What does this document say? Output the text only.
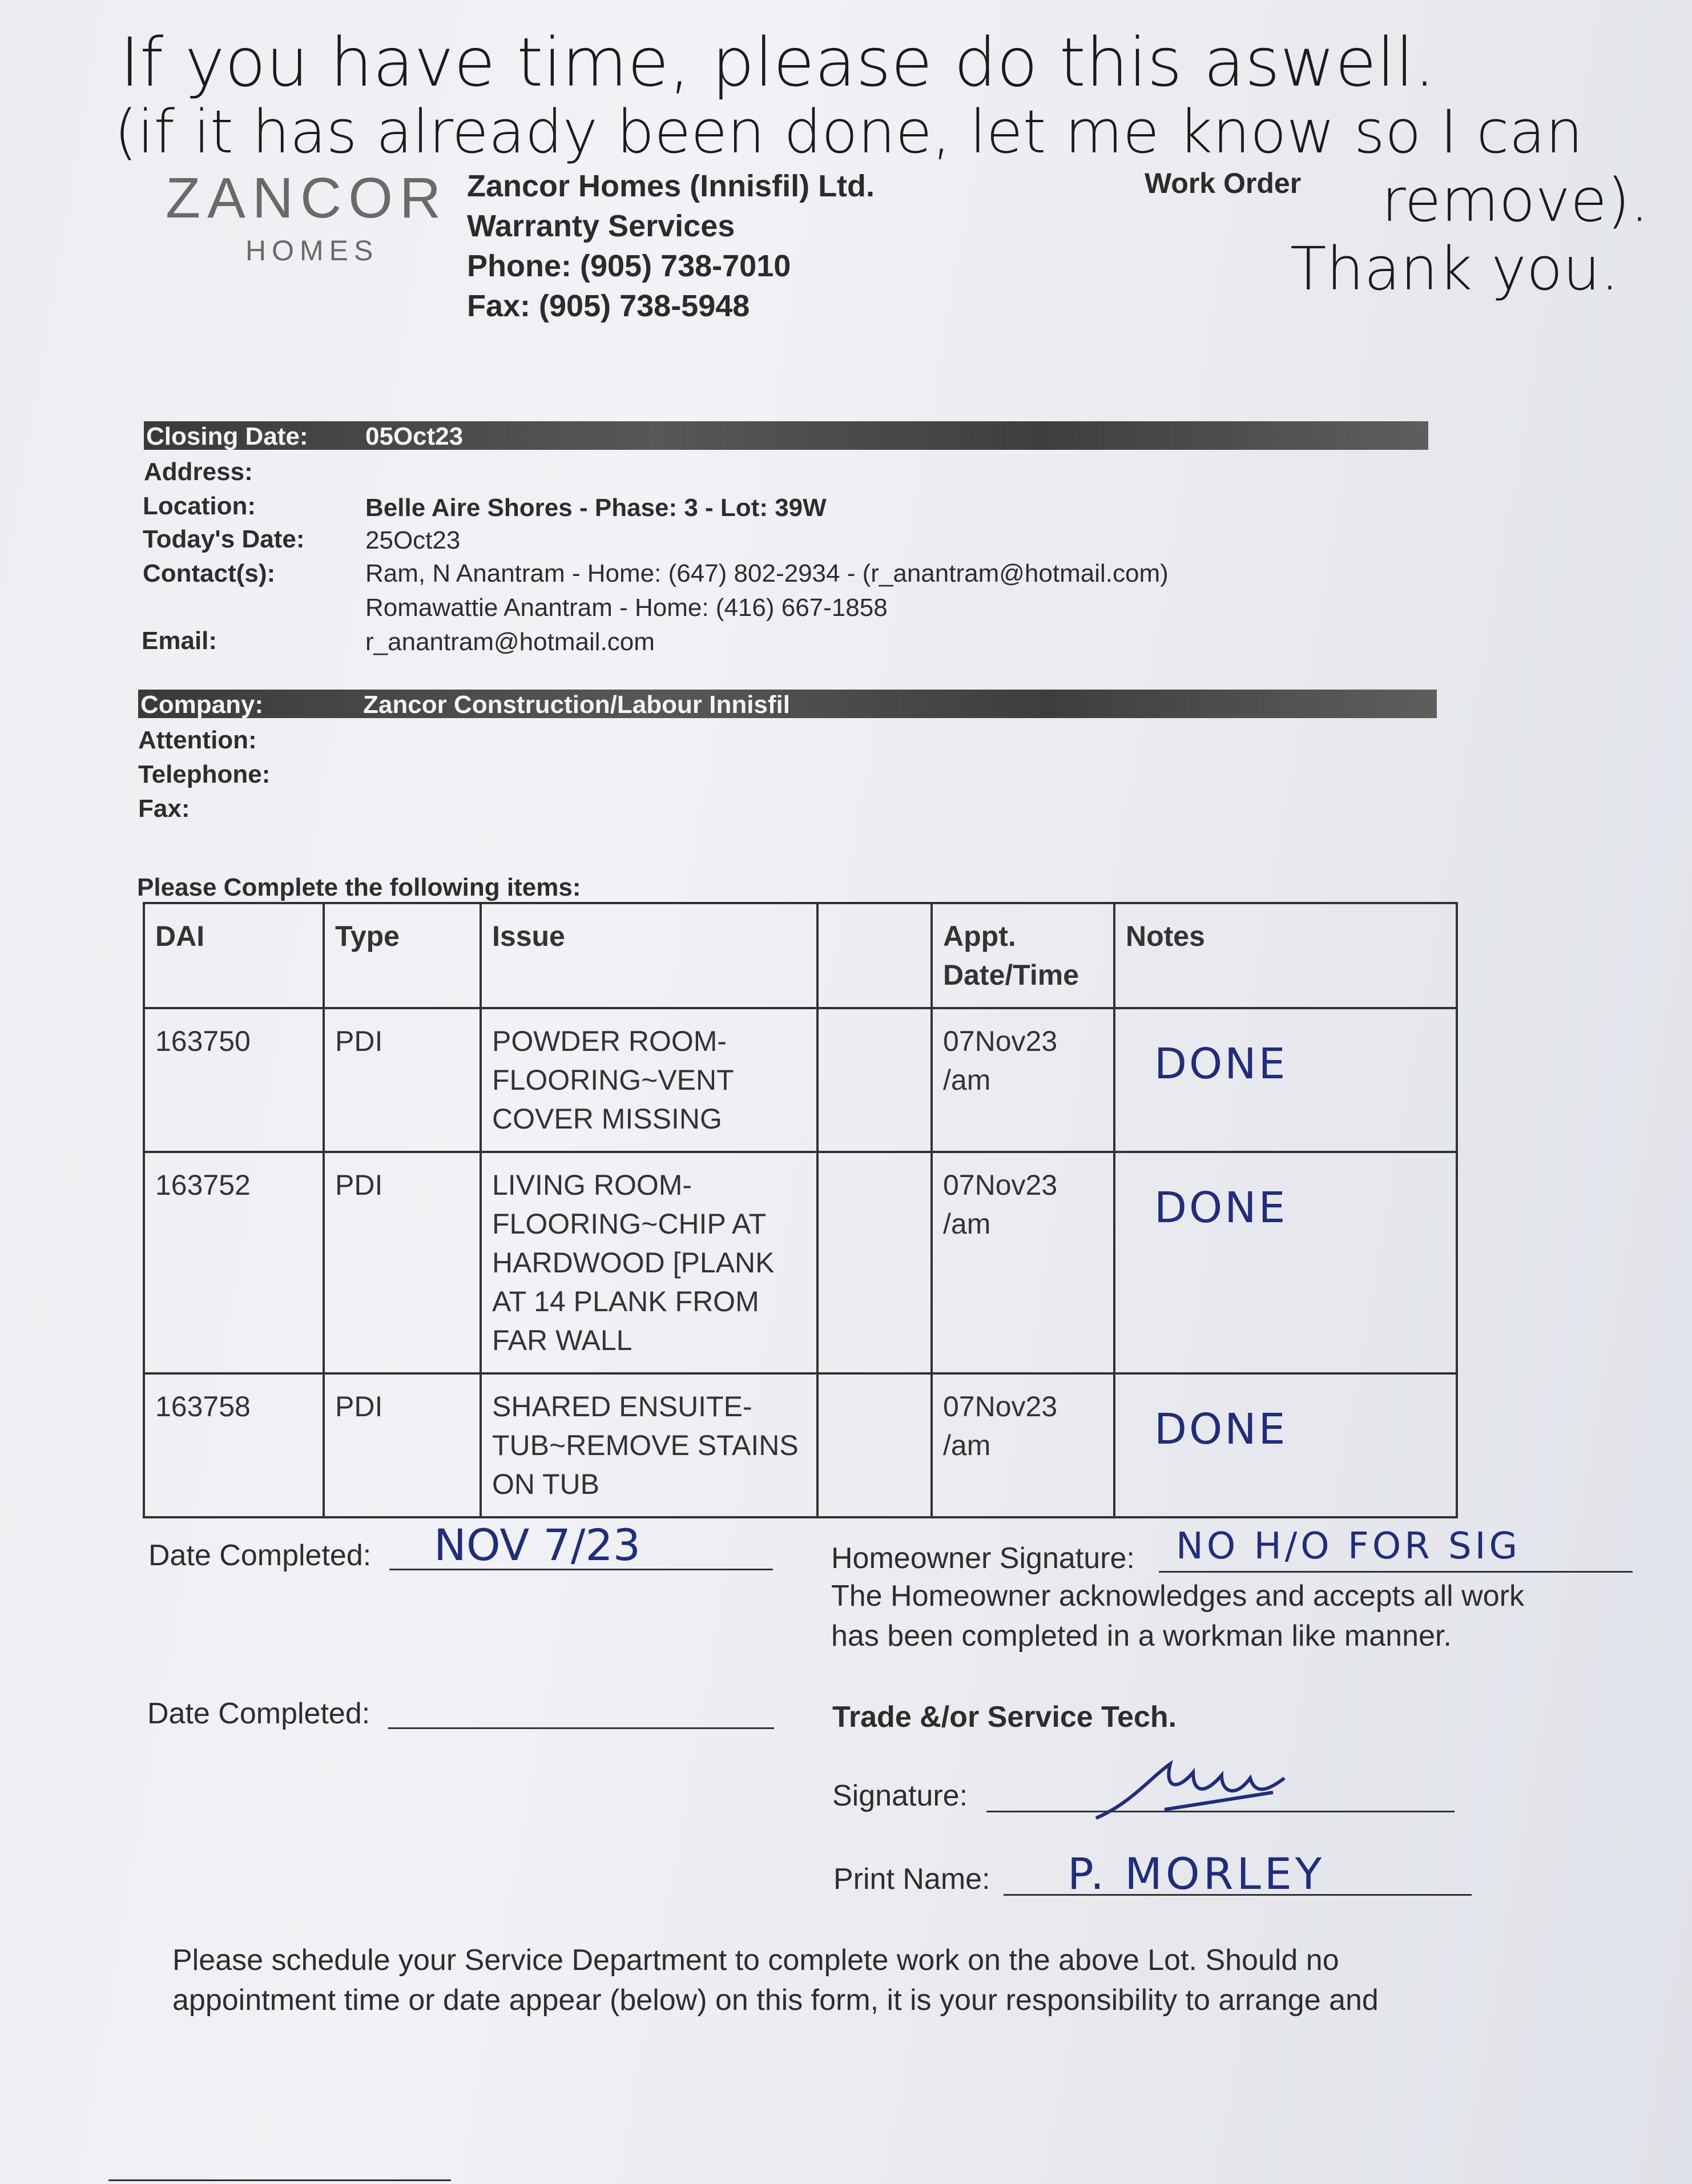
If you have time, please do this aswell.
(if it has already been done, let me know so I can
remove).
Thank you.
ZANCOR
HOMES
Zancor Homes (Innisfil) Ltd.
Warranty Services
Phone: (905) 738-7010
Fax: (905) 738-5948
Work Order
Closing Date: 05Oct23
Address:
Location:	Belle Aire Shores - Phase: 3 - Lot: 39W
Today's Date: 25Oct23
Contact(s):	Ram, N Anantram - Home: (647) 802-2934 - (r_anantram@hotmail.com)
Romawattie Anantram - Home: (416) 667-1858
Email:	r_anantram@hotmail.com
Company:	Zancor Construction/Labour Innisfil
Attention:
Telephone:
Fax:
Please Complete the following items:
DAI	Type	Issue		Appt. Date/Time	Notes
163750	PDI	POWDER ROOM-FLOORING~VENT COVER MISSING		07Nov23 /am	DONE

163752	PDI	LIVING ROOM-FLOORING~CHIP AT HARDWOOD [PLANK AT 14 PLANK FROM FAR WALL		07Nov23 /am	DONE

163758	PDI	SHARED ENSUITE-TUB~REMOVE STAINS ON TUB		07Nov23 /am	DONE
Date Completed: NOV 7/23
Date Completed:
Homeowner Signature: NO H/O FOR SIG
The Homeowner acknowledges and accepts all work
has been completed in a workman like manner.
Trade &/or Service Tech.
Signature:
Print Name: P. MORLEY
Please schedule your Service Department to complete work on the above Lot. Should no
appointment time or date appear (below) on this form, it is your responsibility to arrange and
